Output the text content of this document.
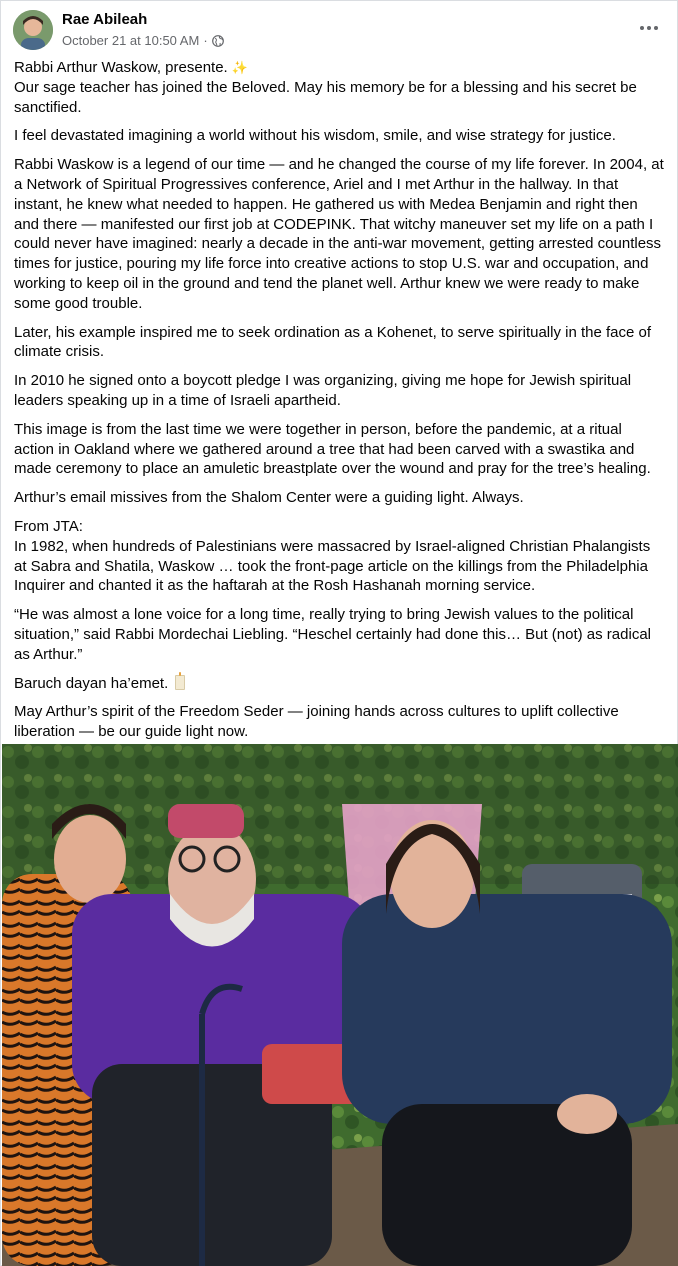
Rae Abileah
October 21 at 10:50 AM ·

Rabbi Arthur Waskow, presente. ✨
Our sage teacher has joined the Beloved. May his memory be for a blessing and his secret be sanctified.

I feel devastated imagining a world without his wisdom, smile, and wise strategy for justice.

Rabbi Waskow is a legend of our time — and he changed the course of my life forever. In 2004, at a Network of Spiritual Progressives conference, Ariel and I met Arthur in the hallway. In that instant, he knew what needed to happen. He gathered us with Medea Benjamin and right then and there — manifested our first job at CODEPINK. That witchy maneuver set my life on a path I could never have imagined: nearly a decade in the anti-war movement, getting arrested countless times for justice, pouring my life force into creative actions to stop U.S. war and occupation, and working to keep oil in the ground and tend the planet well. Arthur knew we were ready to make some good trouble.

Later, his example inspired me to seek ordination as a Kohenet, to serve spiritually in the face of climate crisis.

In 2010 he signed onto a boycott pledge I was organizing, giving me hope for Jewish spiritual leaders speaking up in a time of Israeli apartheid.

This image is from the last time we were together in person, before the pandemic, at a ritual action in Oakland where we gathered around a tree that had been carved with a swastika and made ceremony to place an amuletic breastplate over the wound and pray for the tree’s healing.

Arthur’s email missives from the Shalom Center were a guiding light. Always.

From JTA:
In 1982, when hundreds of Palestinians were massacred by Israel-aligned Christian Phalangists at Sabra and Shatila, Waskow … took the front-page article on the killings from the Philadelphia Inquirer and chanted it as the haftarah at the Rosh Hashanah morning service.

“He was almost a lone voice for a long time, really trying to bring Jewish values to the political situation,” said Rabbi Mordechai Liebling. “Heschel certainly had done this… But (not) as radical as Arthur.”

Baruch dayan ha’emet.

May Arthur’s spirit of the Freedom Seder — joining hands across cultures to uplift collective liberation — be our guide light now.
